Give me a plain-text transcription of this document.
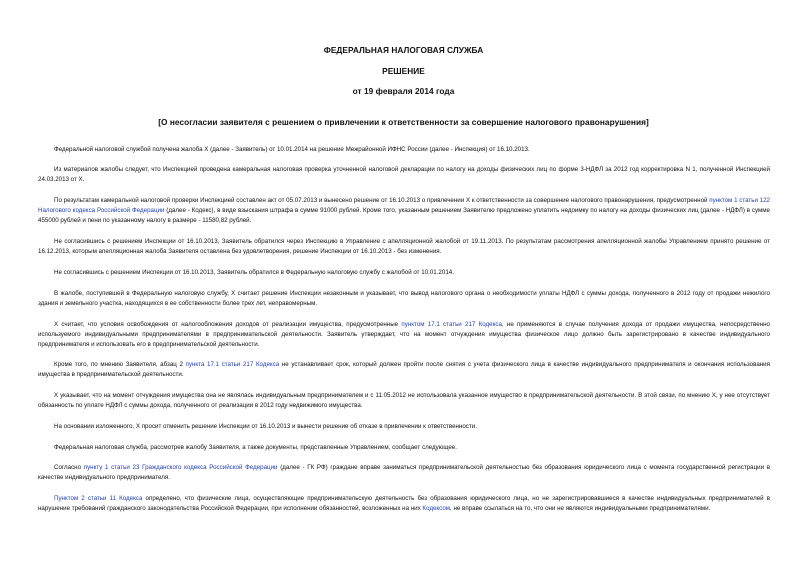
ФЕДЕРАЛЬНАЯ НАЛОГОВАЯ СЛУЖБА
РЕШЕНИЕ
от 19 февраля 2014 года
[О несогласии заявителя с решением о привлечении к ответственности за совершение налогового правонарушения]

Федеральной налоговой службой получена жалоба X (далее - Заявитель) от 10.01.2014 на решение Межрайонной ИФНС России (далее - Инспекция) от 16.10.2013.

Из материалов жалобы следует, что Инспекцией проведена камеральная налоговая проверка уточненной налоговой декларации по налогу на доходы физических лиц по форме 3-НДФЛ за 2012 год корректировка N 1, полученной Инспекцией 24.03.2013 от X.

По результатам камеральной налоговой проверки Инспекцией составлен акт от 05.07.2013 и вынесено решение от 16.10.2013 о привлечении X к ответственности за совершение налогового правонарушения, предусмотренной пунктом 1 статьи 122 Налогового кодекса Российской Федерации (далее - Кодекс), в виде взыскания штрафа в сумме 91000 рублей. Кроме того, указанным решением Заявителю предложено уплатить недоимку по налогу на доходы физических лиц (далее - НДФЛ) в сумме 455000 рублей и пени по указанному налогу в размере - 11580,82 рублей.

Не согласившись с решением Инспекции от 16.10.2013, Заявитель обратился через Инспекцию в Управление с апелляционной жалобой от 19.11.2013. По результатам рассмотрения апелляционной жалобы Управлением принято решение от 16.12.2013, которым апелляционная жалоба Заявителя оставлена без удовлетворения, решение Инспекции от 16.10.2013 - без изменения.

Не согласившись с решением Инспекции от 16.10.2013, Заявитель обратился в Федеральную налоговую службу с жалобой от 10.01.2014.

В жалобе, поступившей в Федеральную налоговую службу, X считает решение Инспекции незаконным и указывает, что вывод налогового органа о необходимости уплаты НДФЛ с суммы дохода, полученного в 2012 году от продажи нежилого здания и земельного участка, находящихся в ее собственности более трех лет, неправомерным.

X считает, что условия освобождения от налогообложения доходов от реализации имущества, предусмотренные пунктом 17.1 статьи 217 Кодекса, не применяются в случае получения дохода от продажи имущества, непосредственно используемого индивидуальными предпринимателями в предпринимательской деятельности. Заявитель утверждает, что на момент отчуждения имущества физическое лицо должно быть зарегистрировано в качестве индивидуального предпринимателя и использовать его в предпринимательской деятельности.

Кроме того, по мнению Заявителя, абзац 2 пункта 17.1 статьи 217 Кодекса не устанавливает срок, который должен пройти после снятия с учета физического лица в качестве индивидуального предпринимателя и окончания использования имущества в предпринимательской деятельности.

X указывает, что на момент отчуждения имущества она не являлась индивидуальным предпринимателем и с 11.05.2012 не использовала указанное имущество в предпринимательской деятельности. В этой связи, по мнению X, у нее отсутствует обязанность по уплате НДФЛ с суммы дохода, полученного от реализации в 2012 году недвижимого имущества.

На основании изложенного, X просит отменить решение Инспекции от 16.10.2013 и вынести решение об отказе в привлечении к ответственности.

Федеральная налоговая служба, рассмотрев жалобу Заявителя, а также документы, представленные Управлением, сообщает следующее.

Согласно пункту 1 статьи 23 Гражданского кодекса Российской Федерации (далее - ГК РФ) граждане вправе заниматься предпринимательской деятельностью без образования юридического лица с момента государственной регистрации в качестве индивидуального предпринимателя.

Пунктом 2 статьи 11 Кодекса определено, что физические лица, осуществляющие предпринимательскую деятельность без образования юридического лица, но не зарегистрировавшиеся в качестве индивидуальных предпринимателей в нарушение требований гражданского законодательства Российской Федерации, при исполнении обязанностей, возложенных на них Кодексом, не вправе ссылаться на то, что они не являются индивидуальными предпринимателями.
